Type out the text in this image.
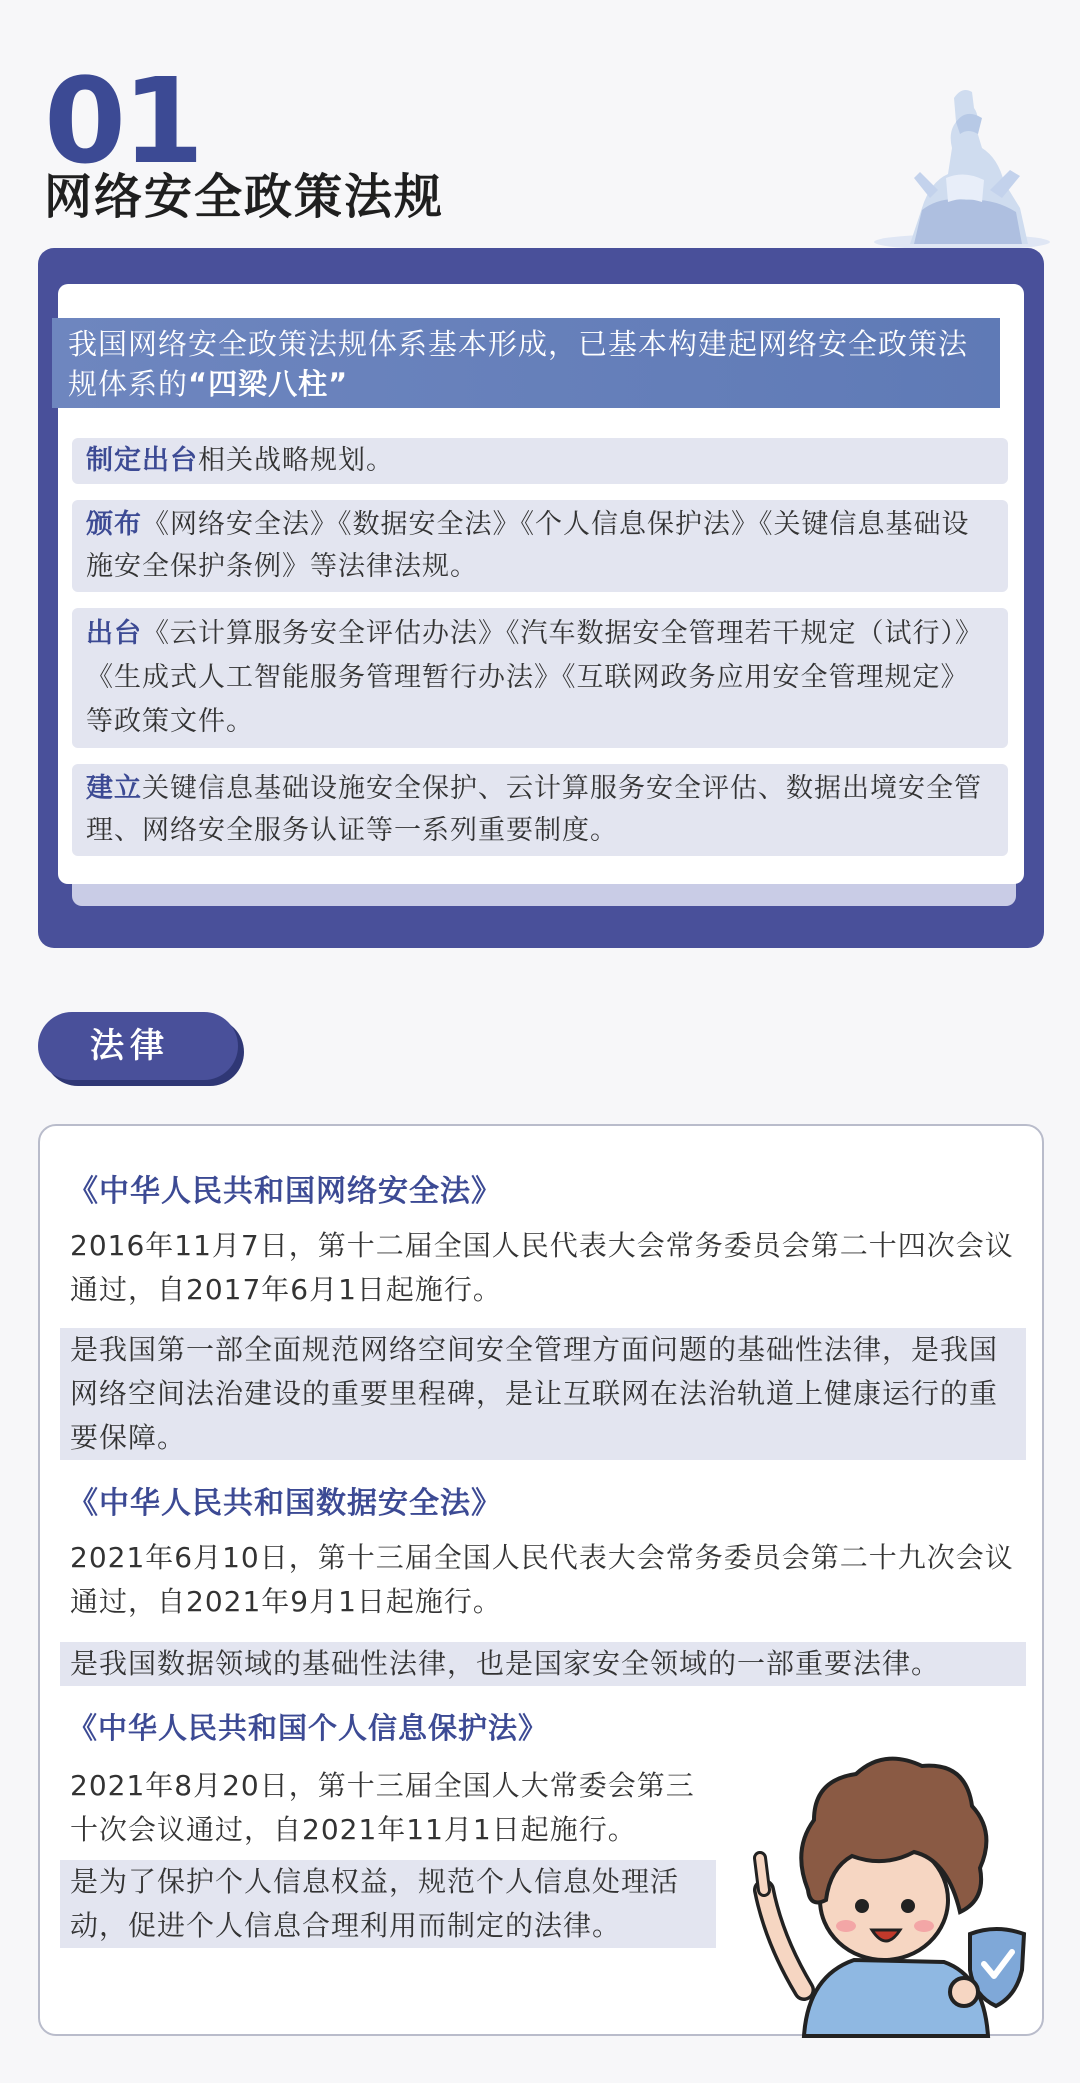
01
网络安全政策法规
我国网络安全政策法规体系基本形成，已基本构建起网络安全政策法规体系的“四梁八柱”
制定出台相关战略规划。
颁布《网络安全法》《数据安全法》《个人信息保护法》《关键信息基础设施安全保护条例》等法律法规。
出台《云计算服务安全评估办法》《汽车数据安全管理若干规定（试行）》《生成式人工智能服务管理暂行办法》《互联网政务应用安全管理规定》等政策文件。
建立关键信息基础设施安全保护、云计算服务安全评估、数据出境安全管理、网络安全服务认证等一系列重要制度。
法律
《中华人民共和国网络安全法》
2016年11月7日，第十二届全国人民代表大会常务委员会第二十四次会议通过，自2017年6月1日起施行。
是我国第一部全面规范网络空间安全管理方面问题的基础性法律，是我国网络空间法治建设的重要里程碑，是让互联网在法治轨道上健康运行的重要保障。
《中华人民共和国数据安全法》
2021年6月10日，第十三届全国人民代表大会常务委员会第二十九次会议通过，自2021年9月1日起施行。
是我国数据领域的基础性法律，也是国家安全领域的一部重要法律。
《中华人民共和国个人信息保护法》
2021年8月20日，第十三届全国人大常委会第三十次会议通过，自2021年11月1日起施行。
是为了保护个人信息权益，规范个人信息处理活动，促进个人信息合理利用而制定的法律。
